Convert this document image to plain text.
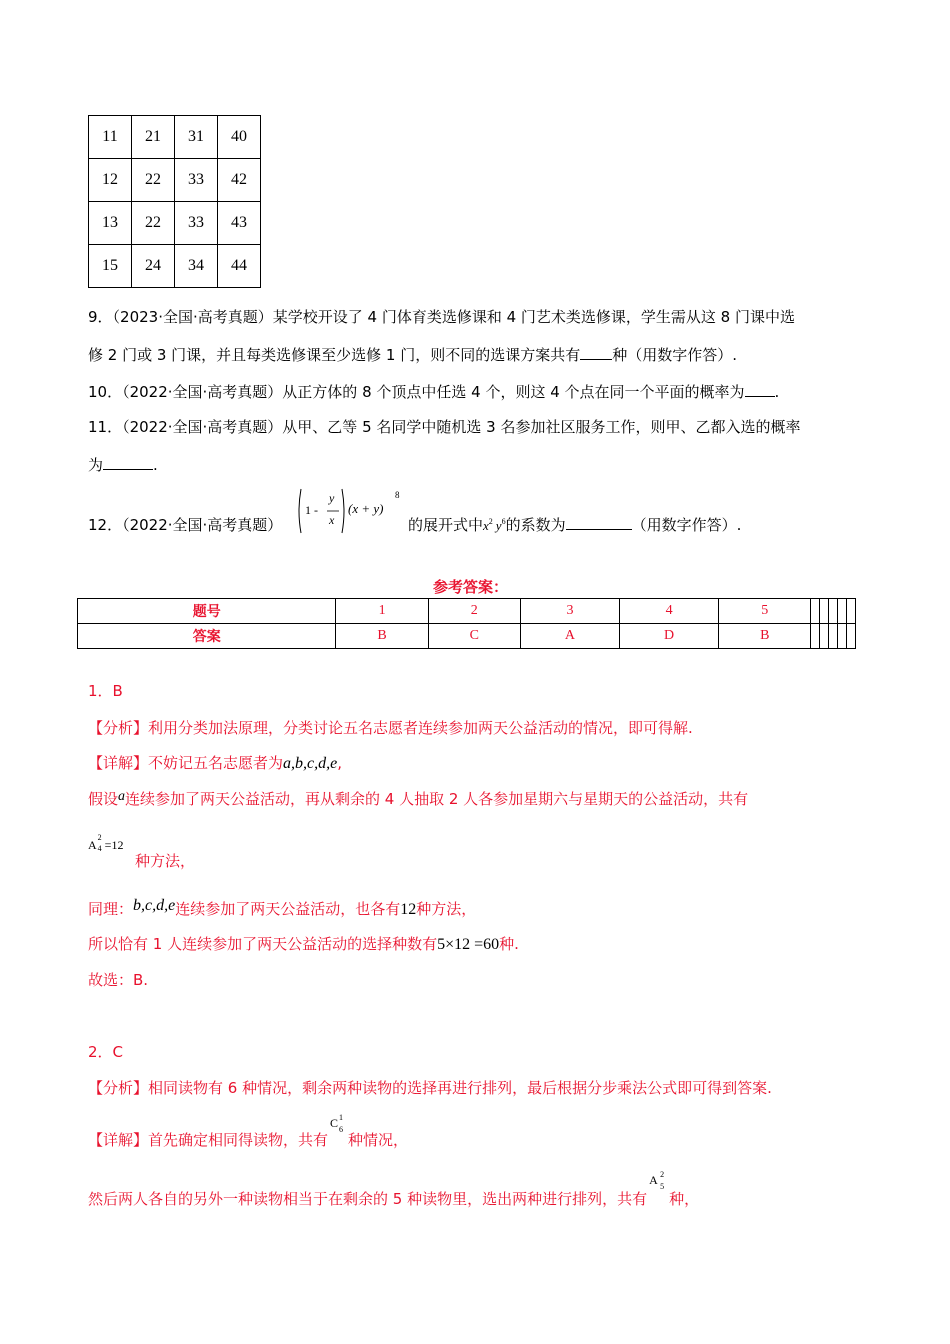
11	21	31	40
12	22	33	42
13	22	33	43
15	24	34	44
9．（2023·全国·高考真题）某学校开设了 4 门体育类选修课和 4 门艺术类选修课，学生需从这 8 门课中选
修 2 门或 3 门课，并且每类选修课至少选修 1 门，则不同的选课方案共有 种（用数字作答）.
10．（2022·全国·高考真题）从正方体的 8 个顶点中任选 4 个，则这 4 个点在同一个平面的概率为 .
11．（2022·全国·高考真题）从甲、乙等 5 名同学中随机选 3 名参加社区服务工作，则甲、乙都入选的概率
为	.
12．（2022·全国·高考真题）
1 -
y
x
(x + y)
8
的展开式中$x^2$ $y^6$的系数为	（用数字作答）.
参考答案：
题号	1	2	3	4	5					
答案	B	C	A	D	B					
1．B
【分析】利用分类加法原理，分类讨论五名志愿者连续参加两天公益活动的情况，即可得解.
【详解】不妨记五名志愿者为a,b,c,d,e,
假设a连续参加了两天公益活动，再从剩余的 4 人抽取 2 人各参加星期六与星期天的公益活动，共有
A
2
4 =12
种方法，
同理：b,c,d,e连续参加了两天公益活动，也各有12种方法，
所以恰有 1 人连续参加了两天公益活动的选择种数有5×12 =60种.
故选：B.
2．C
【分析】相同读物有 6 种情况，剩余两种读物的选择再进行排列，最后根据分步乘法公式即可得到答案.
【详解】首先确定相同得读物，共有
C 1
6
种情况，
然后两人各自的另外一种读物相当于在剩余的 5 种读物里，选出两种进行排列，共有
A 2
5
种，
